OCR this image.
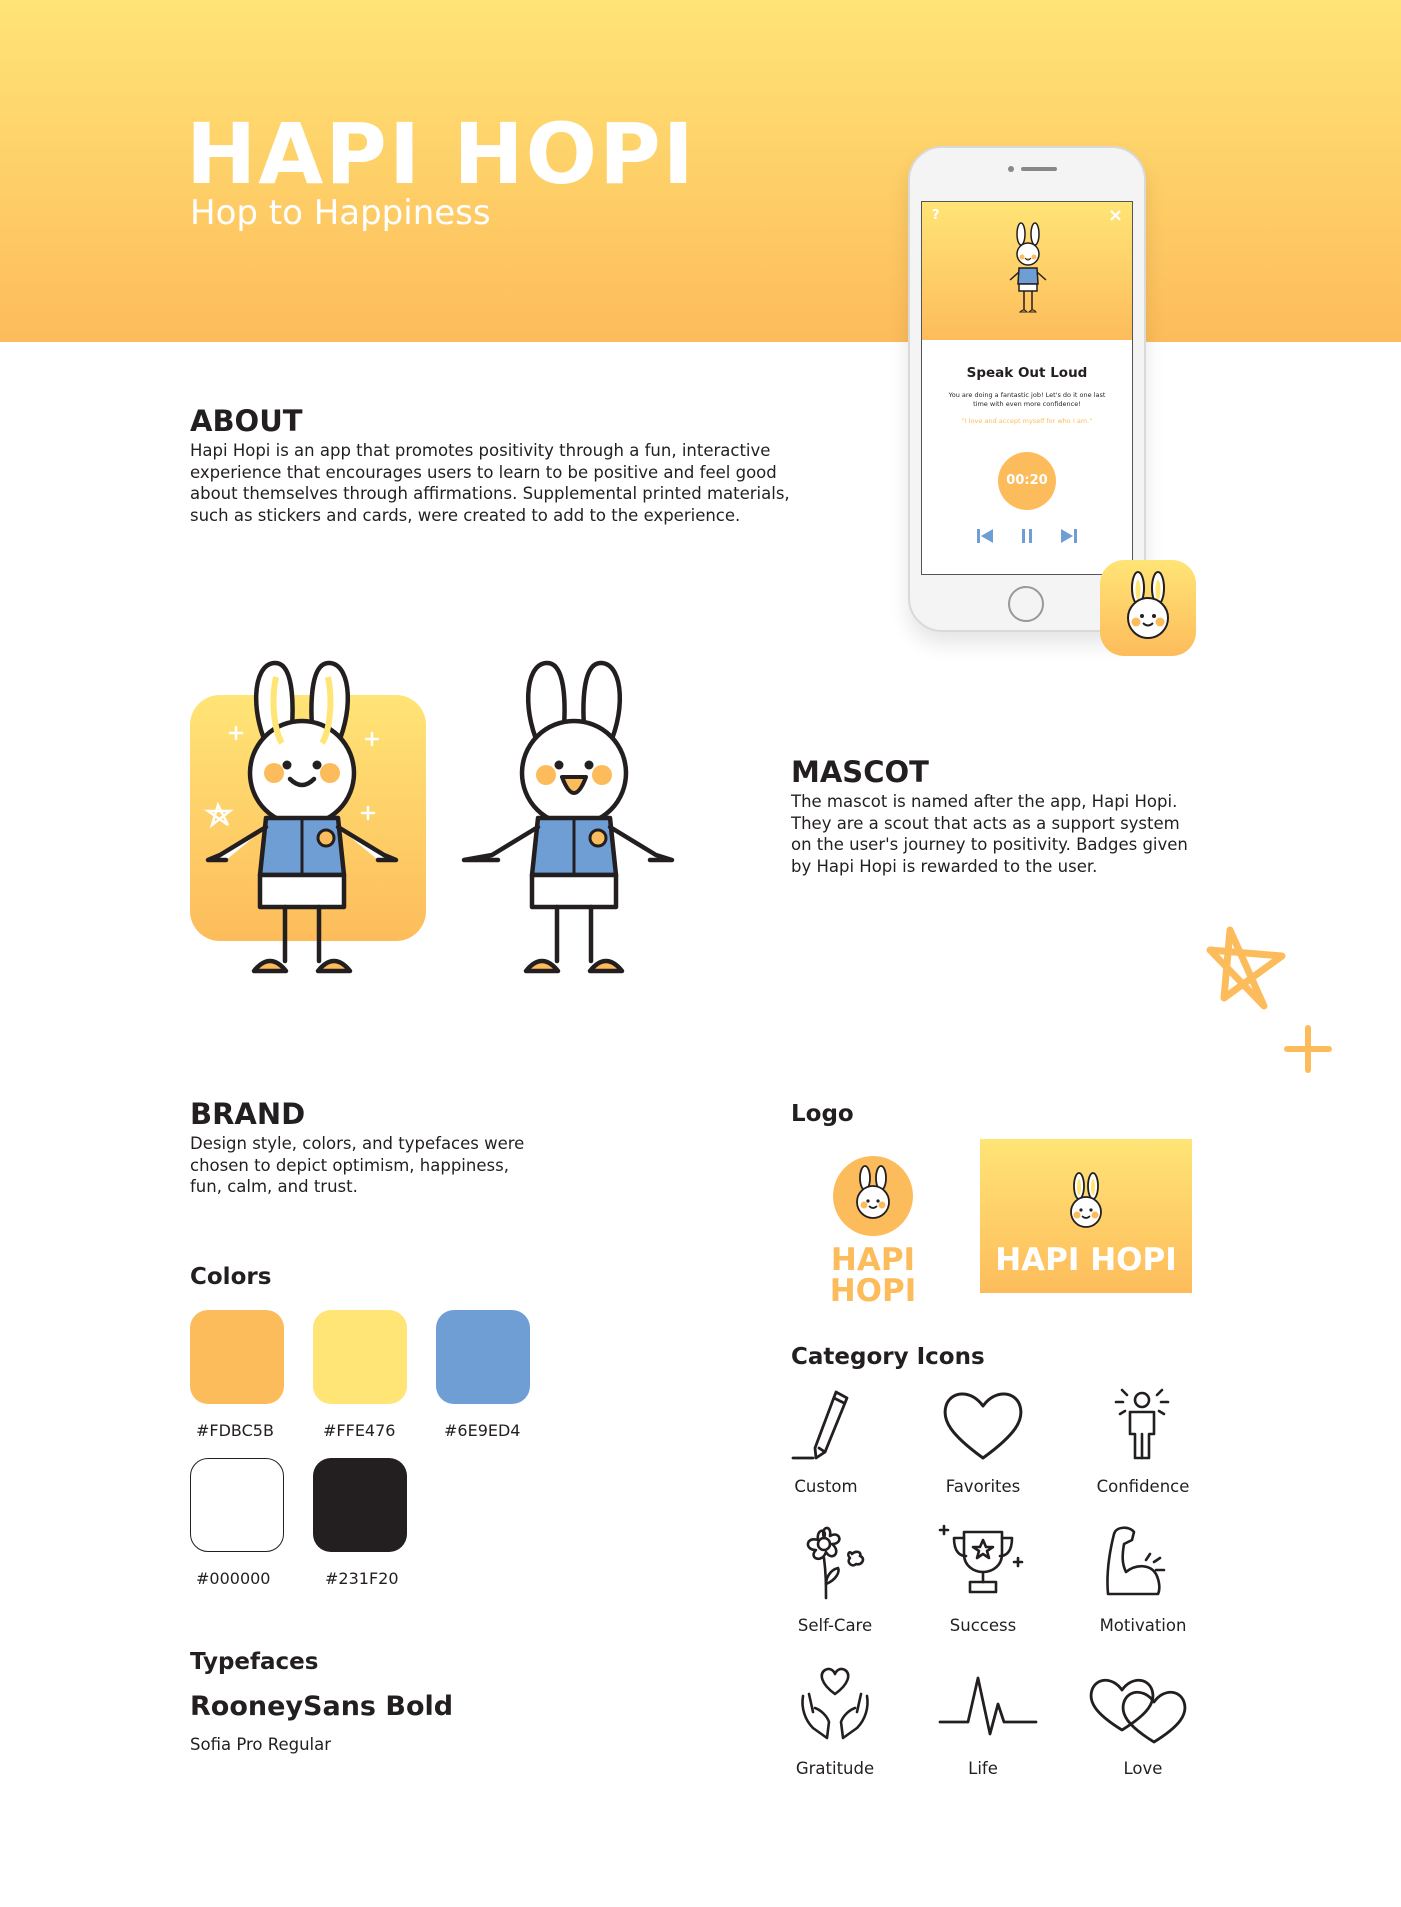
HAPI HOPI
Hop to Happiness	?	×
Speak Out Loud
You are doing a fantastic job! Let's do it one last time with even more confidence!
"I love and accept myself for who I am."
00:20
ABOUT
Hapi Hopi is an app that promotes positivity through a fun, interactive experience that encourages users to learn to be positive and feel good about themselves through affirmations. Supplemental printed materials, such as stickers and cards, were created to add to the experience.
MASCOT
The mascot is named after the app, Hapi Hopi. They are a scout that acts as a support system on the user's journey to positivity. Badges given by Hapi Hopi is rewarded to the user.
BRAND
Design style, colors, and typefaces were chosen to depict optimism, happiness, fun, calm, and trust.
Colors
#FDBC5B	#FFE476	#6E9ED4
#000000	#231F20
Typefaces
RooneySans Bold
Sofia Pro Regular
Logo
HAPI HOPI
HAPI HOPI
Category Icons
Custom	Favorites	Confidence
Self-Care	Success	Motivation
Gratitude	Life	Love
